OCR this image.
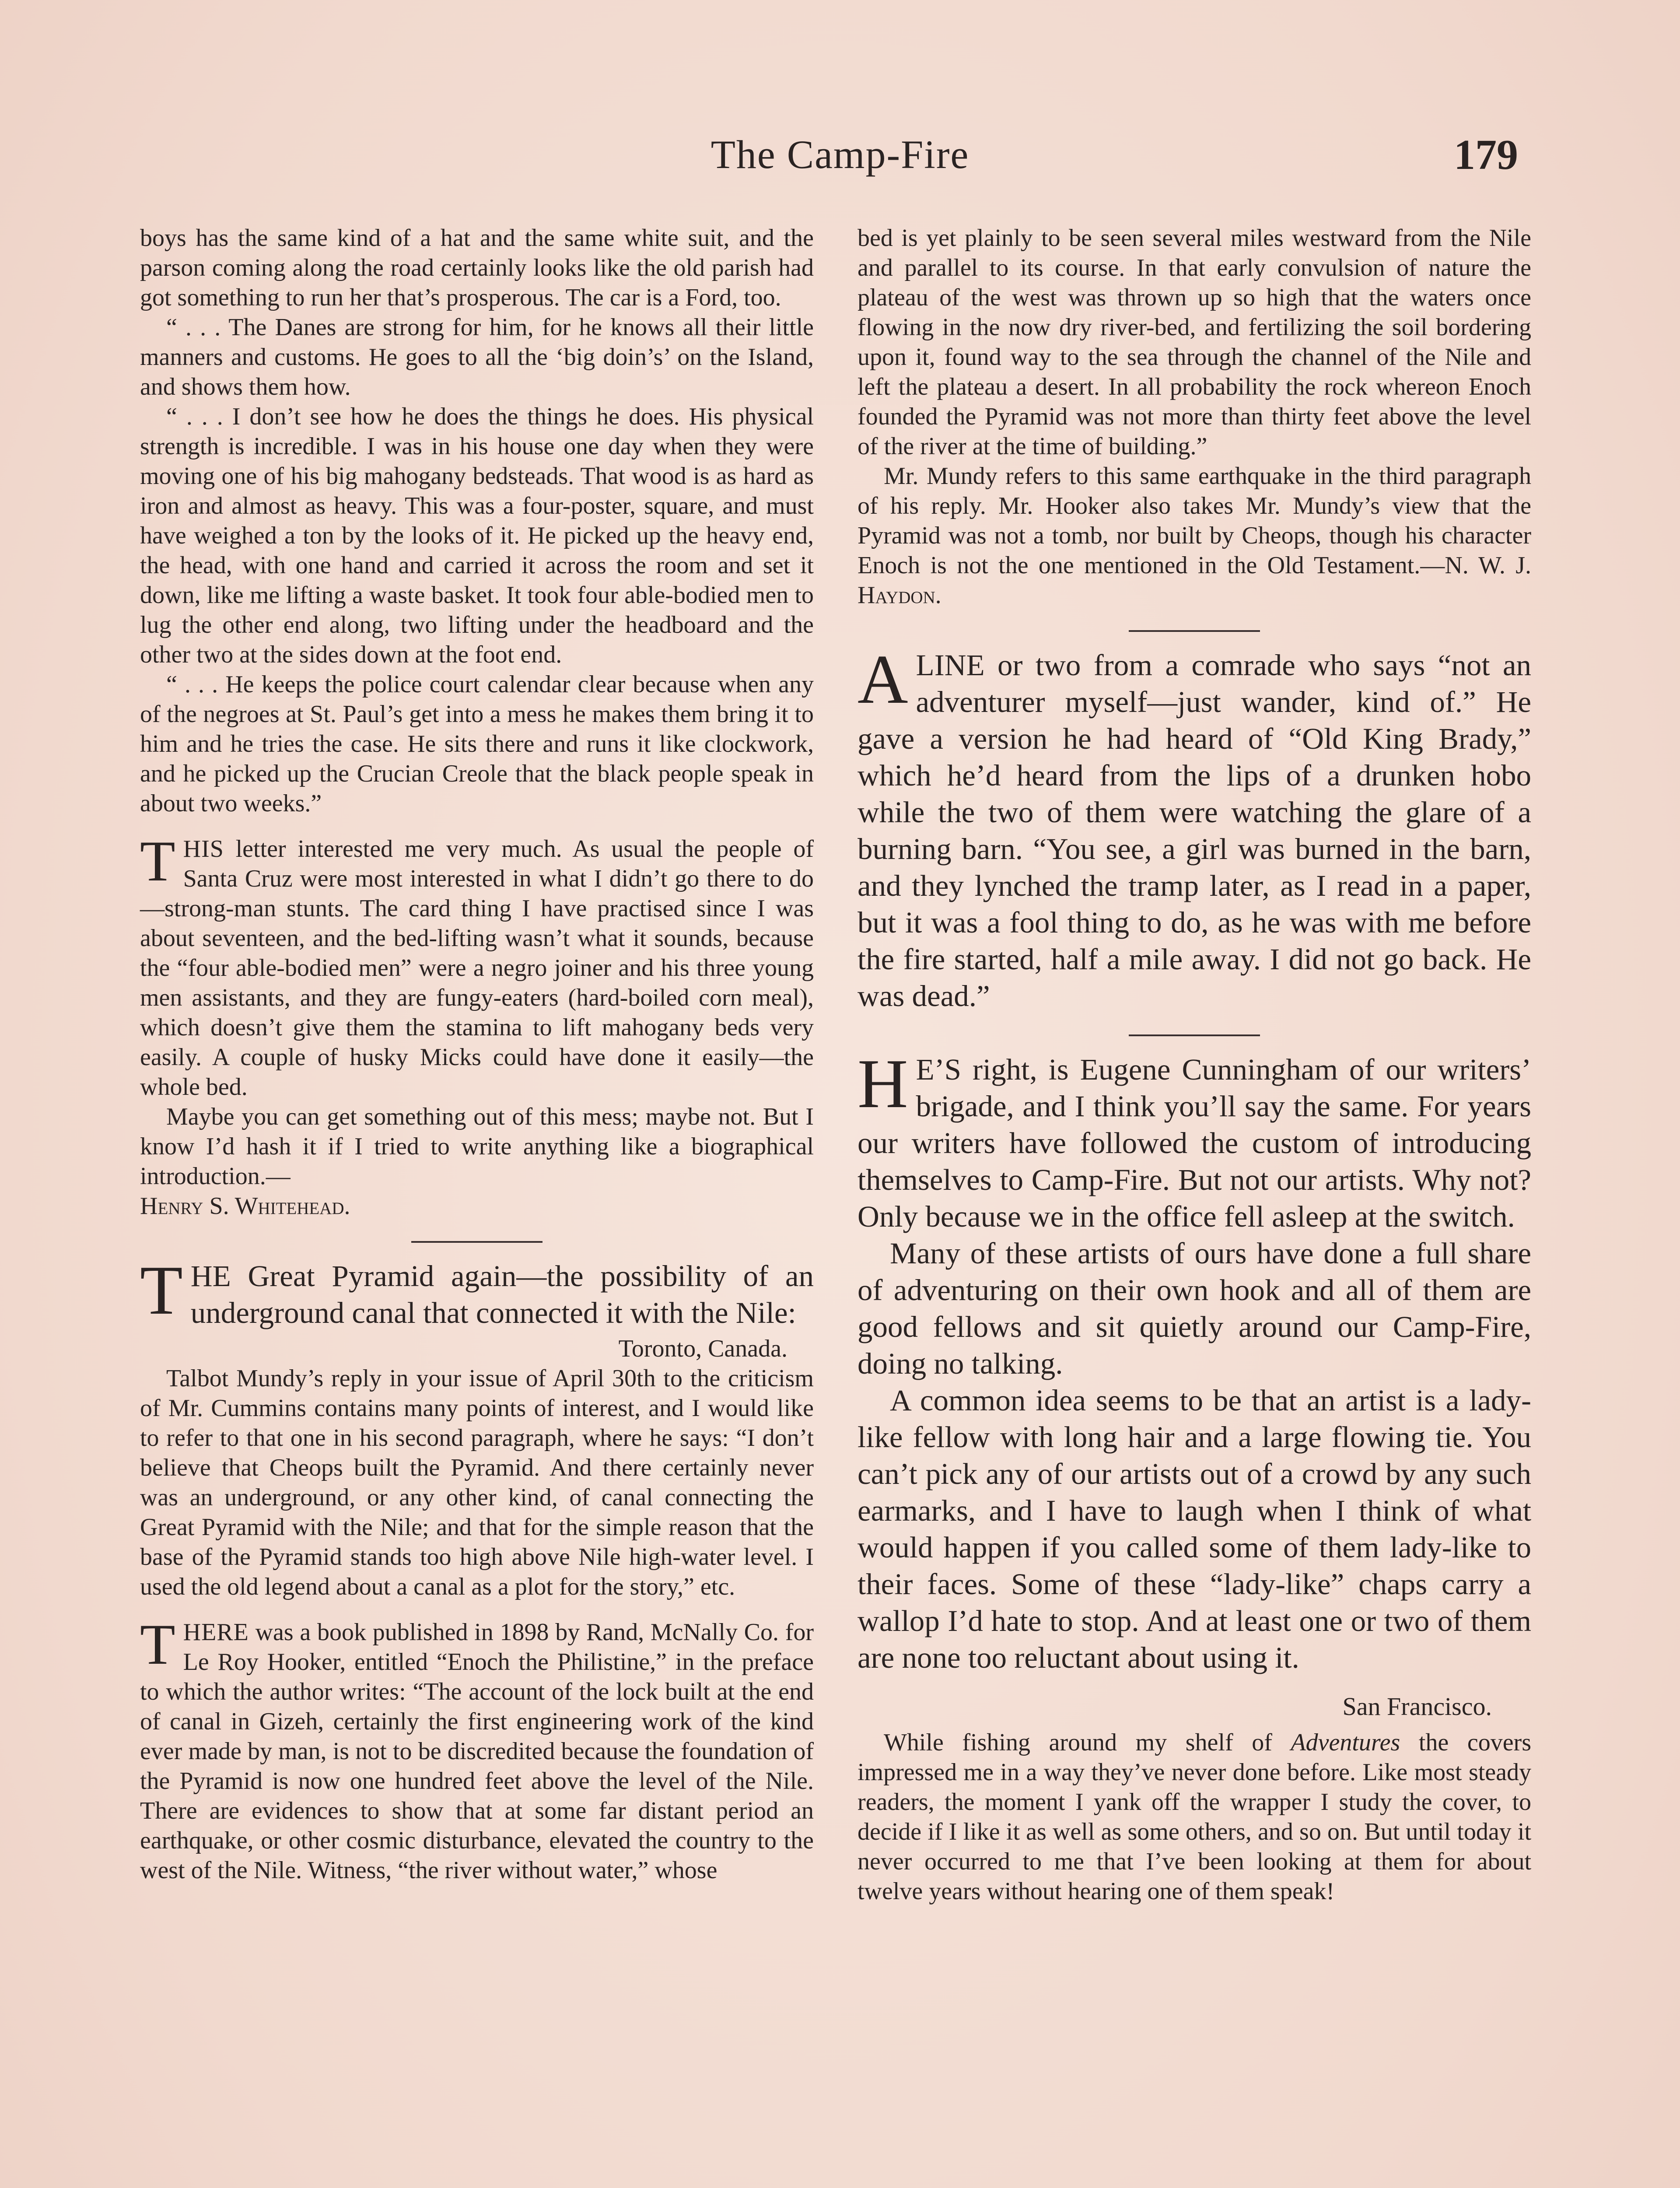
The Camp-Fire	179

boys has the same kind of a hat and the same white suit, and the parson coming along the road certainly looks like the old parish had got something to run her that’s prosperous. The car is a Ford, too.

“ . . . The Danes are strong for him, for he knows all their little manners and customs. He goes to all the ‘big doin’s’ on the Island, and shows them how.

“ . . . I don’t see how he does the things he does. His physical strength is incredible. I was in his house one day when they were moving one of his big mahogany bedsteads. That wood is as hard as iron and almost as heavy. This was a four-poster, square, and must have weighed a ton by the looks of it. He picked up the heavy end, the head, with one hand and carried it across the room and set it down, like me lifting a waste basket. It took four able-bodied men to lug the other end along, two lifting under the headboard and the other two at the sides down at the foot end.

“ . . . He keeps the police court calendar clear because when any of the negroes at St. Paul’s get into a mess he makes them bring it to him and he tries the case. He sits there and runs it like clockwork, and he picked up the Crucian Creole that the black people speak in about two weeks.”

THIS letter interested me very much. As usual the people of Santa Cruz were most interested in what I didn’t go there to do—strong-man stunts. The card thing I have practised since I was about seventeen, and the bed-lifting wasn’t what it sounds, because the “four able-bodied men” were a negro joiner and his three young men assistants, and they are fungy-eaters (hard-boiled corn meal), which doesn’t give them the stamina to lift mahogany beds very easily. A couple of husky Micks could have done it easily—the whole bed.

Maybe you can get something out of this mess; maybe not. But I know I’d hash it if I tried to write anything like a biographical introduction.—
Henry S. Whitehead.

THE Great Pyramid again—the possibility of an underground canal that connected it with the Nile:

Toronto, Canada.

Talbot Mundy’s reply in your issue of April 30th to the criticism of Mr. Cummins contains many points of interest, and I would like to refer to that one in his second paragraph, where he says: “I don’t believe that Cheops built the Pyramid. And there certainly never was an underground, or any other kind, of canal connecting the Great Pyramid with the Nile; and that for the simple reason that the base of the Pyramid stands too high above Nile high-water level. I used the old legend about a canal as a plot for the story,” etc.

THERE was a book published in 1898 by Rand, McNally Co. for Le Roy Hooker, entitled “Enoch the Philistine,” in the preface to which the author writes: “The account of the lock built at the end of canal in Gizeh, certainly the first engineering work of the kind ever made by man, is not to be discredited because the foundation of the Pyramid is now one hundred feet above the level of the Nile. There are evidences to show that at some far distant period an earthquake, or other cosmic disturbance, elevated the country to the west of the Nile. Witness, “the river without water,” whose

bed is yet plainly to be seen several miles westward from the Nile and parallel to its course. In that early convulsion of nature the plateau of the west was thrown up so high that the waters once flowing in the now dry river-bed, and fertilizing the soil bordering upon it, found way to the sea through the channel of the Nile and left the plateau a desert. In all probability the rock whereon Enoch founded the Pyramid was not more than thirty feet above the level of the river at the time of building.”

Mr. Mundy refers to this same earthquake in the third paragraph of his reply. Mr. Hooker also takes Mr. Mundy’s view that the Pyramid was not a tomb, nor built by Cheops, though his character Enoch is not the one mentioned in the Old Testament.—N. W. J. Haydon.

ALINE or two from a comrade who says “not an adventurer myself—just wander, kind of.” He gave a version he had heard of “Old King Brady,” which he’d heard from the lips of a drunken hobo while the two of them were watching the glare of a burning barn. “You see, a girl was burned in the barn, and they lynched the tramp later, as I read in a paper, but it was a fool thing to do, as he was with me before the fire started, half a mile away. I did not go back. He was dead.”

H E’S right, is Eugene Cunningham of our writers’ brigade, and I think you’ll say the same. For years our writers have followed the custom of introducing themselves to Camp-Fire. But not our artists. Why not? Only because we in the office fell asleep at the switch.

Many of these artists of ours have done a full share of adventuring on their own hook and all of them are good fellows and sit quietly around our Camp-Fire, doing no talking.

A common idea seems to be that an artist is a lady-like fellow with long hair and a large flowing tie. You can’t pick any of our artists out of a crowd by any such earmarks, and I have to laugh when I think of what would happen if you called some of them lady-like to their faces. Some of these “lady-like” chaps carry a wallop I’d hate to stop. And at least one or two of them are none too reluctant about using it.

San Francisco.

While fishing around my shelf of Adventures the covers impressed me in a way they’ve never done before. Like most steady readers, the moment I yank off the wrapper I study the cover, to decide if I like it as well as some others, and so on. But until today it never occurred to me that I’ve been looking at them for about twelve years without hearing one of them speak!
